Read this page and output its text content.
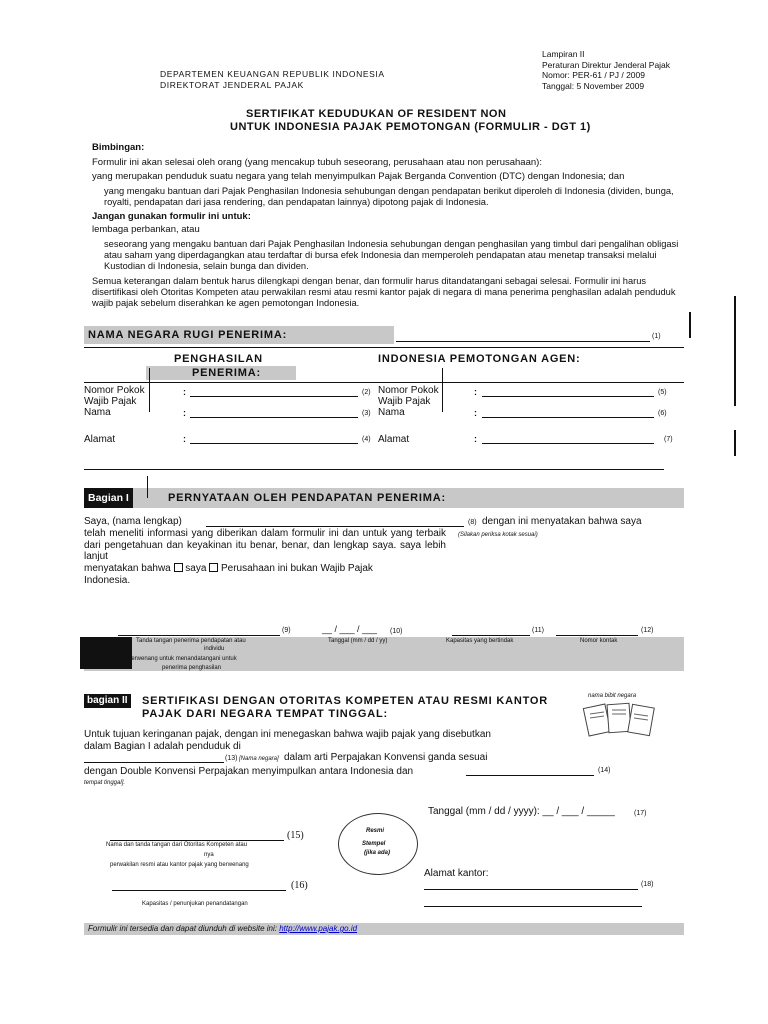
Lampiran II
Peraturan Direktur Jenderal Pajak
Nomor: PER-61 / PJ / 2009
Tanggal: 5 November 2009
DEPARTEMEN KEUANGAN REPUBLIK INDONESIA
DIREKTORAT JENDERAL PAJAK
SERTIFIKAT KEDUDUKAN OF RESIDENT NON
UNTUK INDONESIA PAJAK PEMOTONGAN (FORMULIR - DGT 1)
Bimbingan:
Formulir ini akan selesai oleh orang (yang mencakup tubuh seseorang, perusahaan atau non perusahaan):
yang merupakan penduduk suatu negara yang telah menyimpulkan Pajak Berganda Convention (DTC) dengan Indonesia; dan
yang mengaku bantuan dari Pajak Penghasilan Indonesia sehubungan dengan pendapatan berikut diperoleh di Indonesia (dividen, bunga, royalti, pendapatan dari jasa rendering, dan pendapatan lainnya) dipotong pajak di Indonesia.
Jangan gunakan formulir ini untuk:
lembaga perbankan, atau
seseorang yang mengaku bantuan dari Pajak Penghasilan Indonesia sehubungan dengan penghasilan yang timbul dari pengalihan obligasi atau saham yang diperdagangkan atau terdaftar di bursa efek Indonesia dan memperoleh pendapatan atau menetap transaksi melalui Kustodian di Indonesia, selain bunga dan dividen.
Semua keterangan dalam bentuk harus dilengkapi dengan benar, dan formulir harus ditandatangani sebagai selesai. Formulir ini harus disertifikasi oleh Otoritas Kompeten atau perwakilan resmi atau resmi kantor pajak di negara di mana penerima penghasilan adalah penduduk wajib pajak sebelum diserahkan ke agen pemotongan Indonesia.
NAMA NEGARA RUGI PENERIMA:	(1)
PENGHASILAN
PENERIMA:
INDONESIA PEMOTONGAN AGEN:
Nomor Pokok
Wajib Pajak
:	(2)
Nama	:	(3)
Alamat	:	(4)
Nomor Pokok
Wajib Pajak
:	(5)
Nama	:	(6)
Alamat	:	(7)
Bagian I	PERNYATAAN OLEH PENDAPATAN PENERIMA:
Saya, (nama lengkap)	(8) dengan ini menyatakan bahwa saya
telah meneliti informasi yang diberikan dalam formulir ini dan untuk yang terbaik dari pengetahuan dan keyakinan itu benar, benar, dan lengkap saya. saya lebih lanjut
(Silakan periksa kotak sesuai)
menyatakan bahwa saya Perusahaan ini bukan Wajib Pajak
Indonesia.
(9)	__ / ___ / ___ (10)	(11)	(12)
Tanda tangan penerima pendapatan atau
individu
berwenang untuk menandatangani untuk
penerima penghasilan
Tanggal (mm / dd / yy)	Kapasitas yang bertindak	Nomor kontak
bagian II SERTIFIKASI DENGAN OTORITAS KOMPETEN ATAU RESMI KANTOR
PAJAK DARI NEGARA TEMPAT TINGGAL:
nama bibit negara
Untuk tujuan keringanan pajak, dengan ini menegaskan bahwa wajib pajak yang disebutkan
dalam Bagian I adalah penduduk di
(13) [Nama negara] dalam arti Perpajakan Konvensi ganda sesuai
dengan Double Konvensi Perpajakan menyimpulkan antara Indonesia dan	(14)
tempat tinggal].
Tanggal (mm / dd / yyyy): __ / ___ / _____	(17)
(15)
Nama dan tanda tangan dari Otoritas Kompeten atau
nya
perwakilan resmi atau kantor pajak yang berwenang
(16)
Kapasitas / penunjukan penandatangan
Resmi
Stempel
(jika ada)
Alamat kantor:
(18)
Formulir ini tersedia dan dapat diunduh di website ini: http://www.pajak.go.id
